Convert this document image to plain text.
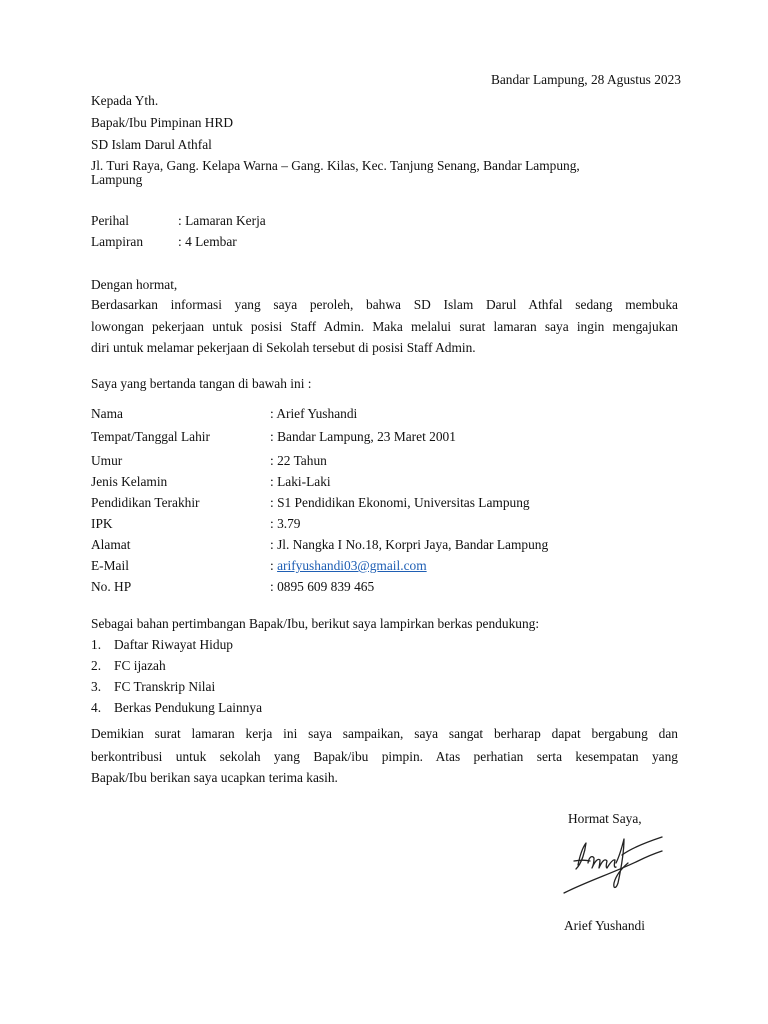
Bandar Lampung, 28 Agustus 2023
Kepada Yth.
Bapak/Ibu Pimpinan HRD
SD Islam Darul Athfal
Jl. Turi Raya, Gang. Kelapa Warna – Gang. Kilas, Kec. Tanjung Senang, Bandar Lampung,
Lampung
Perihal	: Lamaran Kerja
Lampiran	: 4 Lembar
Dengan hormat,
Berdasarkan informasi yang saya peroleh, bahwa SD Islam Darul Athfal sedang membuka
lowongan pekerjaan untuk posisi Staff Admin. Maka melalui surat lamaran saya ingin mengajukan
diri untuk melamar pekerjaan di Sekolah tersebut di posisi Staff Admin.
Saya yang bertanda tangan di bawah ini :
Nama	: Arief Yushandi
Tempat/Tanggal Lahir	: Bandar Lampung, 23 Maret 2001
Umur	: 22 Tahun
Jenis Kelamin	: Laki-Laki
Pendidikan Terakhir	: S1 Pendidikan Ekonomi, Universitas Lampung
IPK	: 3.79
Alamat	: Jl. Nangka I No.18, Korpri Jaya, Bandar Lampung
E-Mail	: arifyushandi03@gmail.com
No. HP	: 0895 609 839 465
Sebagai bahan pertimbangan Bapak/Ibu, berikut saya lampirkan berkas pendukung:
1. Daftar Riwayat Hidup
2. FC ijazah
3. FC Transkrip Nilai
4. Berkas Pendukung Lainnya
Demikian surat lamaran kerja ini saya sampaikan, saya sangat berharap dapat bergabung dan
berkontribusi untuk sekolah yang Bapak/ibu pimpin. Atas perhatian serta kesempatan yang
Bapak/Ibu berikan saya ucapkan terima kasih.
Hormat Saya,
Arief Yushandi
